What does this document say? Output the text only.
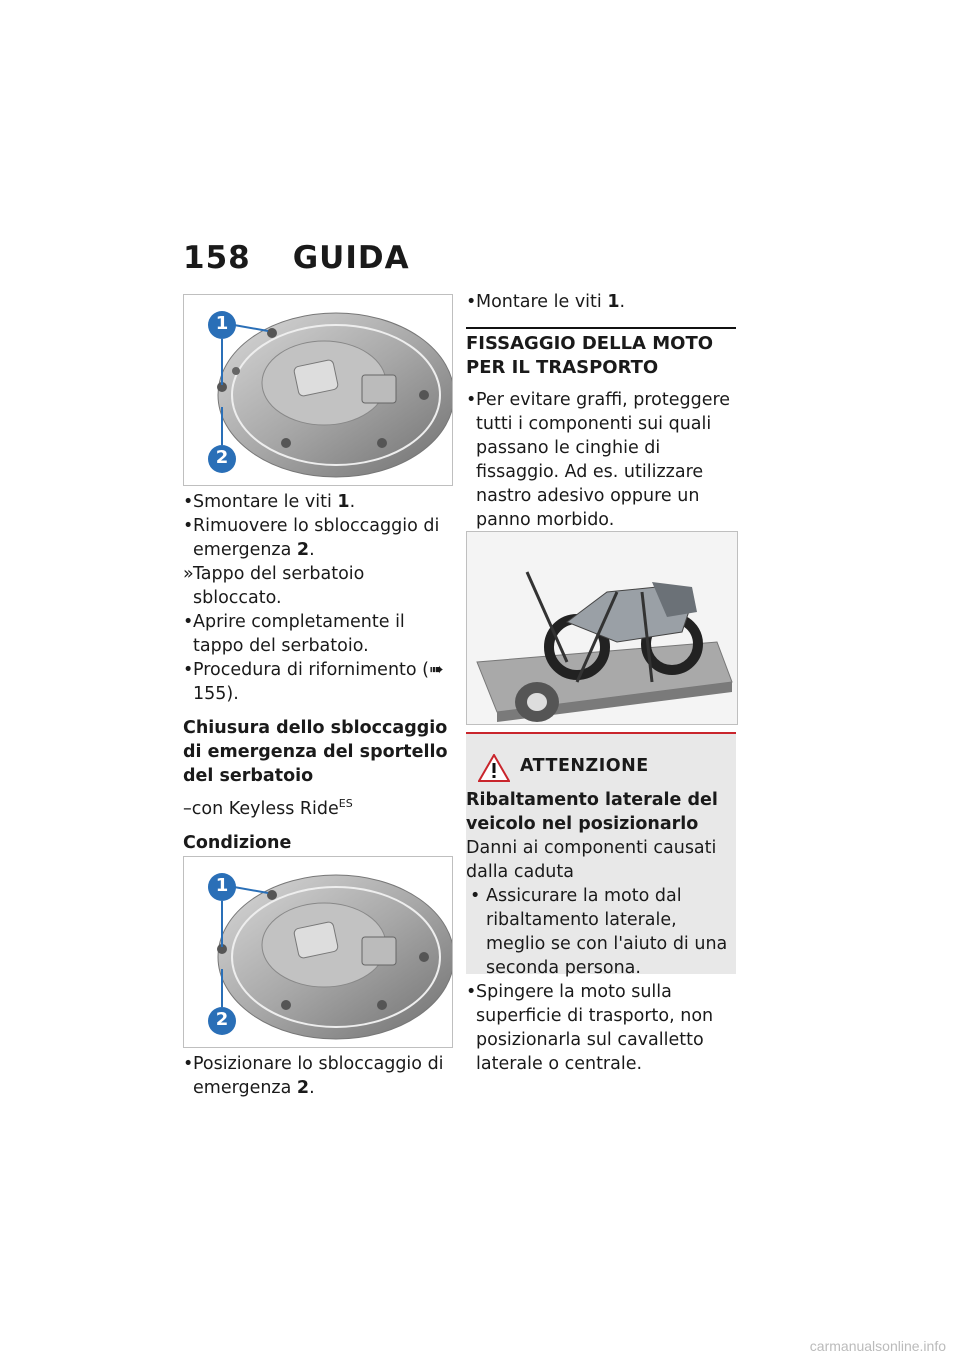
158 GUIDA
1
2
• Smontare le viti 1.
• Rimuovere lo sbloccaggio di emergenza 2.
» Tappo del serbatoio sbloccato.
• Aprire completamente il tappo del serbatoio.
• Procedura di rifornimento (➠ 155).
Chiusura dello sbloccaggio di emergenza del sportello del serbatoio
–con Keyless Ride$^{ES}$
Condizione
1
2
• Posizionare lo sbloccaggio di emergenza 2.
• Montare le viti 1.
FISSAGGIO DELLA MOTO PER IL TRASPORTO
• Per evitare graffi, proteggere tutti i componenti sui quali passano le cinghie di fissaggio. Ad es. utilizzare nastro adesivo oppure un panno morbido.
ATTENZIONE
Ribaltamento laterale del veicolo nel posizionarlo
Danni ai componenti causati dalla caduta
• Assicurare la moto dal ribaltamento laterale, meglio se con l'aiuto di una seconda persona.
• Spingere la moto sulla superficie di trasporto, non posizionarla sul cavalletto laterale o centrale.
carmanualsonline.info
